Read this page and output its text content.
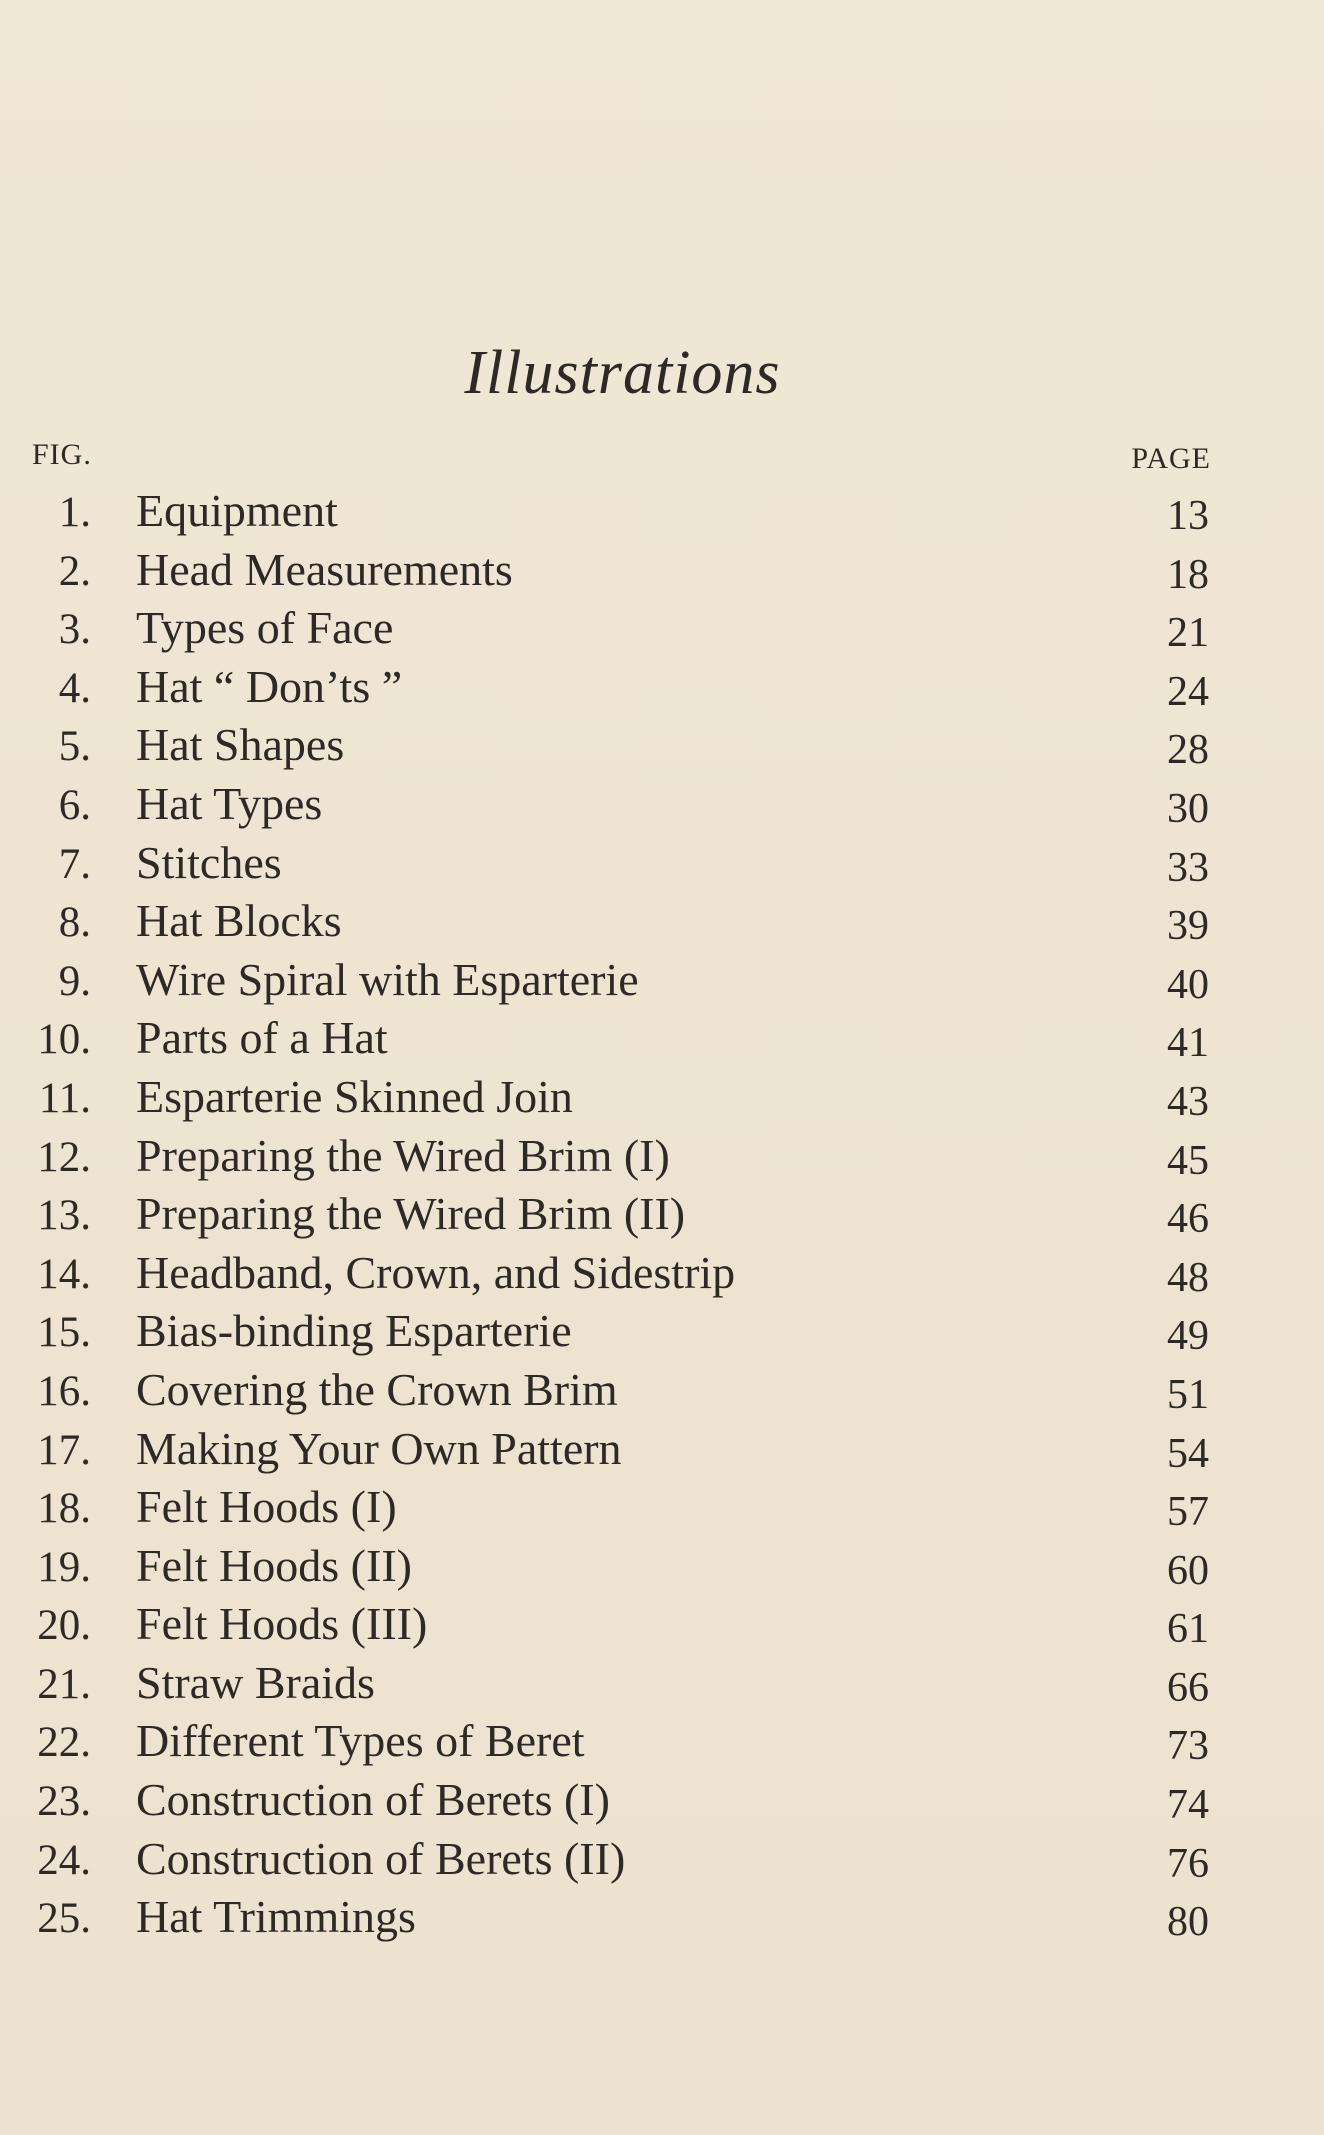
Illustrations
FIG.	PAGE
1. Equipment	13
2. Head Measurements	18
3. Types of Face	21
4. Hat “ Don’ts ”	24
5. Hat Shapes	28
6. Hat Types	30
7. Stitches	33
8. Hat Blocks	39
9. Wire Spiral with Esparterie	40
10. Parts of a Hat	41
11. Esparterie Skinned Join	43
12. Preparing the Wired Brim (I)	45
13. Preparing the Wired Brim (II)	46
14. Headband, Crown, and Sidestrip	48
15. Bias-binding Esparterie	49
16. Covering the Crown Brim	51
17. Making Your Own Pattern	54
18. Felt Hoods (I)	57
19. Felt Hoods (II)	60
20. Felt Hoods (III)	61
21. Straw Braids	66
22. Different Types of Beret	73
23. Construction of Berets (I)	74
24. Construction of Berets (II)	76
25. Hat Trimmings	80
